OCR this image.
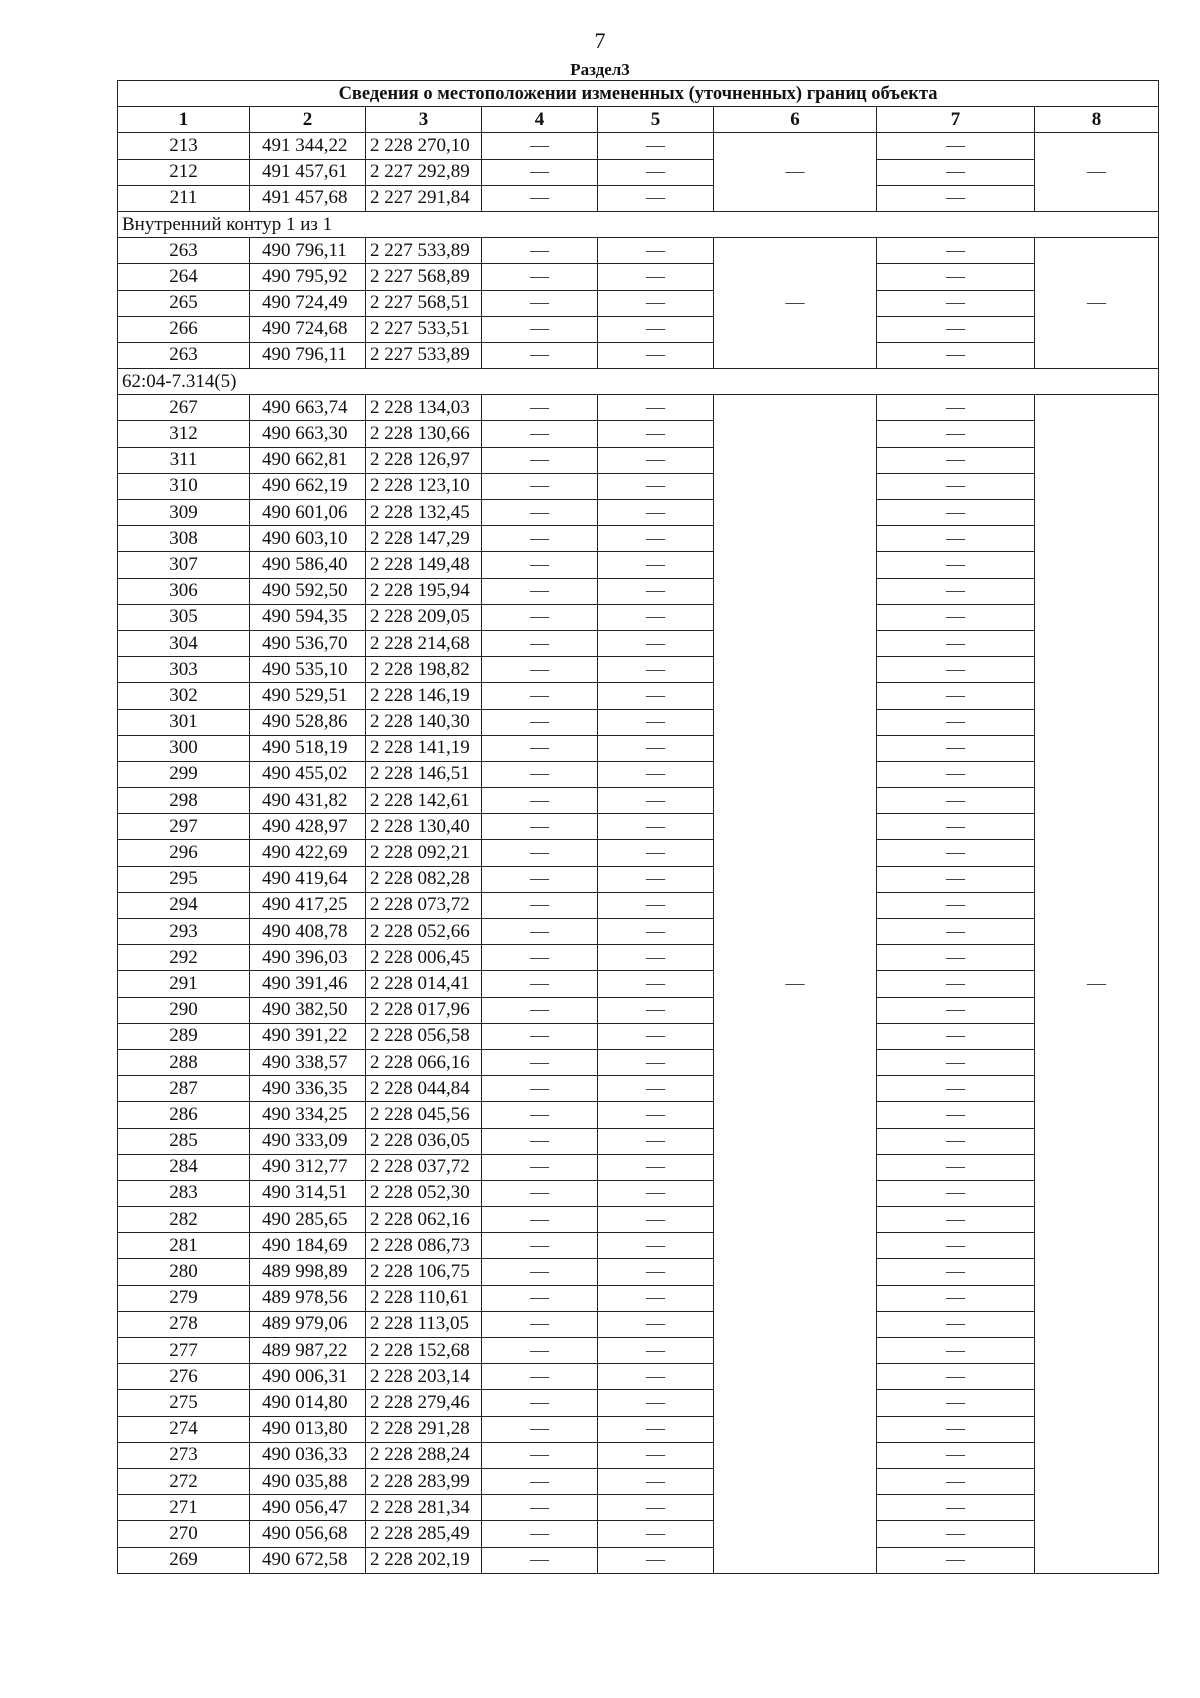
7
Раздел3
Сведения о местоположении измененных (уточненных) границ объекта							
1	2	3	4	5	6	7	8
213	491 344,22	2 228 270,10	—	—	—	—	—
212	491 457,61	2 227 292,89	—	—		—	
211	491 457,68	2 227 291,84	—	—		—	
Внутренний контур 1 из 1							
263	490 796,11	2 227 533,89	—	—	—	—	—
264	490 795,92	2 227 568,89	—	—		—	
265	490 724,49	2 227 568,51	—	—		—	
266	490 724,68	2 227 533,51	—	—		—	
263	490 796,11	2 227 533,89	—	—		—	
62:04-7.314(5)							
267	490 663,74	2 228 134,03	—	—	—	—	—
312	490 663,30	2 228 130,66	—	—		—	
311	490 662,81	2 228 126,97	—	—		—	
310	490 662,19	2 228 123,10	—	—		—	
309	490 601,06	2 228 132,45	—	—		—	
308	490 603,10	2 228 147,29	—	—		—	
307	490 586,40	2 228 149,48	—	—		—	
306	490 592,50	2 228 195,94	—	—		—	
305	490 594,35	2 228 209,05	—	—		—	
304	490 536,70	2 228 214,68	—	—		—	
303	490 535,10	2 228 198,82	—	—		—	
302	490 529,51	2 228 146,19	—	—		—	
301	490 528,86	2 228 140,30	—	—		—	
300	490 518,19	2 228 141,19	—	—		—	
299	490 455,02	2 228 146,51	—	—		—	
298	490 431,82	2 228 142,61	—	—		—	
297	490 428,97	2 228 130,40	—	—		—	
296	490 422,69	2 228 092,21	—	—		—	
295	490 419,64	2 228 082,28	—	—		—	
294	490 417,25	2 228 073,72	—	—		—	
293	490 408,78	2 228 052,66	—	—		—	
292	490 396,03	2 228 006,45	—	—		—	
291	490 391,46	2 228 014,41	—	—		—	
290	490 382,50	2 228 017,96	—	—		—	
289	490 391,22	2 228 056,58	—	—		—	
288	490 338,57	2 228 066,16	—	—		—	
287	490 336,35	2 228 044,84	—	—		—	
286	490 334,25	2 228 045,56	—	—		—	
285	490 333,09	2 228 036,05	—	—		—	
284	490 312,77	2 228 037,72	—	—		—	
283	490 314,51	2 228 052,30	—	—		—	
282	490 285,65	2 228 062,16	—	—		—	
281	490 184,69	2 228 086,73	—	—		—	
280	489 998,89	2 228 106,75	—	—		—	
279	489 978,56	2 228 110,61	—	—		—	
278	489 979,06	2 228 113,05	—	—		—	
277	489 987,22	2 228 152,68	—	—		—	
276	490 006,31	2 228 203,14	—	—		—	
275	490 014,80	2 228 279,46	—	—		—	
274	490 013,80	2 228 291,28	—	—		—	
273	490 036,33	2 228 288,24	—	—		—	
272	490 035,88	2 228 283,99	—	—		—	
271	490 056,47	2 228 281,34	—	—		—	
270	490 056,68	2 228 285,49	—	—		—	
269	490 672,58	2 228 202,19	—	—		—	
